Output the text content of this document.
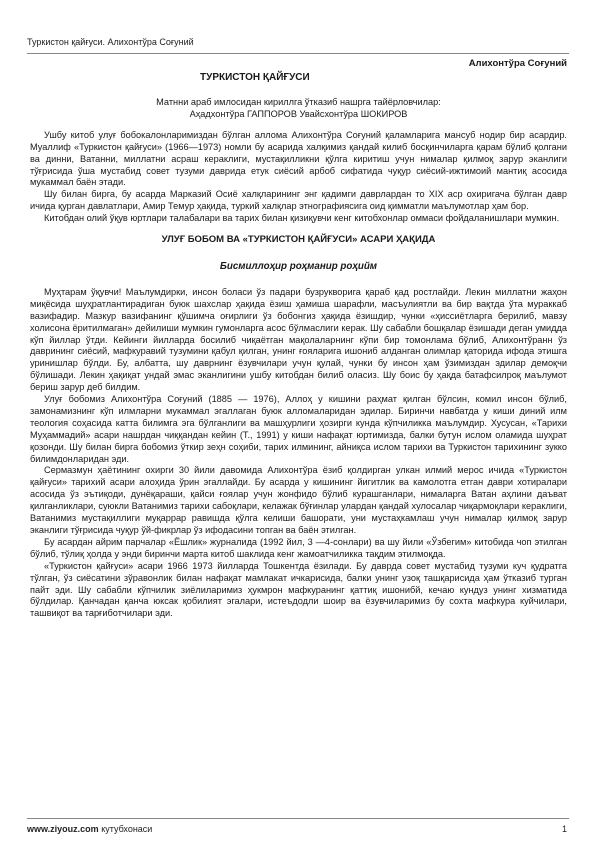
Туркистон қайғуси. Алихонтўра Соғуний
Алихонтўра Соғуний
ТУРКИСТОН ҚАЙҒУСИ
Матнни араб имлосидан кириллга ўтказиб нашрга тайёрловчилар:
Аҳадхонтўра ГАППОРОВ Увайсхонтўра ШОКИРОВ

Ушбу китоб улуғ бобокалонларимиздан бўлган аллома Алихонтўра Соғуний қаламларига мансуб нодир бир асардир. Муаллиф «Туркистон қайғуси» (1966—1973) номли бу асарида халқимиз қандай килиб босқинчиларга қарам бўлиб қолгани ва динни, Ватанни, миллатни асраш кераклиги, мустақилликни қўлга киритиш учун нималар қилмоқ зарур эканлиги тўғрисида ўша мустабид совет тузуми даврида етук сиёсий арбоб сифатида чуқур сиёсий-ижтимоий мантиқ асосида мукаммал баён этади.

Шу билан бирга, бу асарда Марказий Осиё халқларининг энг қадимги даврлардан то XIX аср охиригача бўлган давр ичида қурган давлатлари, Амир Темур ҳақида, туркий халқлар этнографиясига оид қимматли маълумотлар ҳам бор.

Китобдан олий ўқув юртлари талабалари ва тарих билан қизиқувчи кенг китобхонлар оммаси фойдаланишлари мумкин.

УЛУҒ БОБОМ ВА «ТУРКИСТОН ҚАЙҒУСИ» АСАРИ ҲАҚИДА
Бисмиллоҳир роҳманир роҳийм

Муҳтарам ўқувчи! Маълумдирки, инсон боласи ўз падари бузрукворига қараб қад ростлайди. Лекин миллатни жаҳон миқёсида шуҳратлантирадиган буюк шахслар ҳақида ёзиш ҳамиша шарафли, масъулиятли ва бир вақтда ўта мураккаб вазифадир. Мазкур вазифанинг қўшимча оғирлиги ўз бобонгиз ҳақида ёзишдир, чунки «ҳиссиётларга берилиб, мавзу холисона ёритилмаган» дейилиши мумкин гумонларга асос бўлмаслиги керак. Шу сабабли бошқалар ёзишади деган умидда кўп йиллар ўтди. Кейинги йилларда босилиб чиқаётган мақолаларнинг кўпи бир томонлама бўлиб, Алихонтўранн ўз даврининг сиёсий, мафкуравий тузумини қабул қилган, унинг ғояларига ишониб алданган олимлар қаторида ифода этишга уринишлар бўлди. Бу, албатта, шу даврнинг ёзувчилари учун қулай, чунки бу инсон ҳам ўзимиздан эдилар демоқчи бўлишади. Лекин ҳақиқат ундай эмас эканлигини ушбу китобдан билиб оласиз. Шу боис бу ҳақда батафсилроқ маълумот бериш зарур деб билдим.

Улуғ бобомиз Алихонтўра Соғуний (1885 — 1976), Аллоҳ у кишини раҳмат қилган бўлсин, комил инсон бўлиб, замонамизнинг кўп илмларни мукаммал эгаллаган буюк алломаларидан эдилар. Биринчи навбатда у киши диний илм теология соҳасида катта билимга эга бўлганлиги ва машҳурлиги ҳозирги кунда кўпчиликка маълумдир. Хусусан, «Тарихи Муҳаммадий» асари нашрдан чиққандан кейин (Т., 1991) у киши нафақат юртимизда, балки бутун ислом оламида шуҳрат қозонди. Шу билан бирга бобомиз ўткир зеҳн соҳиби, тарих илмининг, айниқса ислом тарихи ва Туркистон тарихининг зукко билимдонларидан эди.

Сермазмун ҳаётининг охирги 30 йили давомида Алихонтўра ёзиб қолдирган улкан илмий мерос ичида «Туркистон қайғуси» тарихий асари алоҳида ўрин эгаллайди. Бу асарда у кишининг йигитлик ва камолотга етган даври хотиралари асосида ўз эътиқоди, дунёқараши, қайси ғоялар учун жонфидо бўлиб курашганлари, нималарга Ватан аҳлини даъват қилганликлари, суюкли Ватанимиз тарихи сабоқлари, келажак бўғинлар улардан қандай хулосалар чиқармоқлари кераклиги, Ватанимиз мустақиллиги муқаррар равишда қўлга келиши башорати, уни мустаҳкамлаш учун нималар қилмоқ зарур эканлиги тўғрисида чуқур ўй-фикрлар ўз ифодасини топган ва баён этилган.

Бу асардан айрим парчалар «Ёшлик» журналида (1992 йил, 3 —4-сонлари) ва шу йили «Ўзбегим» китобида чоп этилган бўлиб, тўлиқ ҳолда у энди биринчи марта китоб шаклида кенг жамоатчиликка тақдим этилмоқда.

«Туркистон қайғуси» асари 1966 1973 йилларда Тошкентда ёзилади. Бу даврда совет мустабид тузуми куч қудратга тўлган, ўз сиёсатини зўравонлик билан нафақат мамлакат ичкарисида, балки унинг узоқ ташқарисида ҳам ўтказиб турган пайт эди. Шу сабабли кўпчилик зиёлиларимиз ҳукмрон мафкуранинг қаттиқ ишонибй, кечаю кундуз унинг хизматида бўлдилар. Қанчадан қанча юксак қобилият эгалари, истеъдодли шоир ва ёзувчиларимиз бу сохта мафкура куйчилари, ташвиқот ва тарғиботчилари эди.

www.ziyouz.com кутубхонаси	1
